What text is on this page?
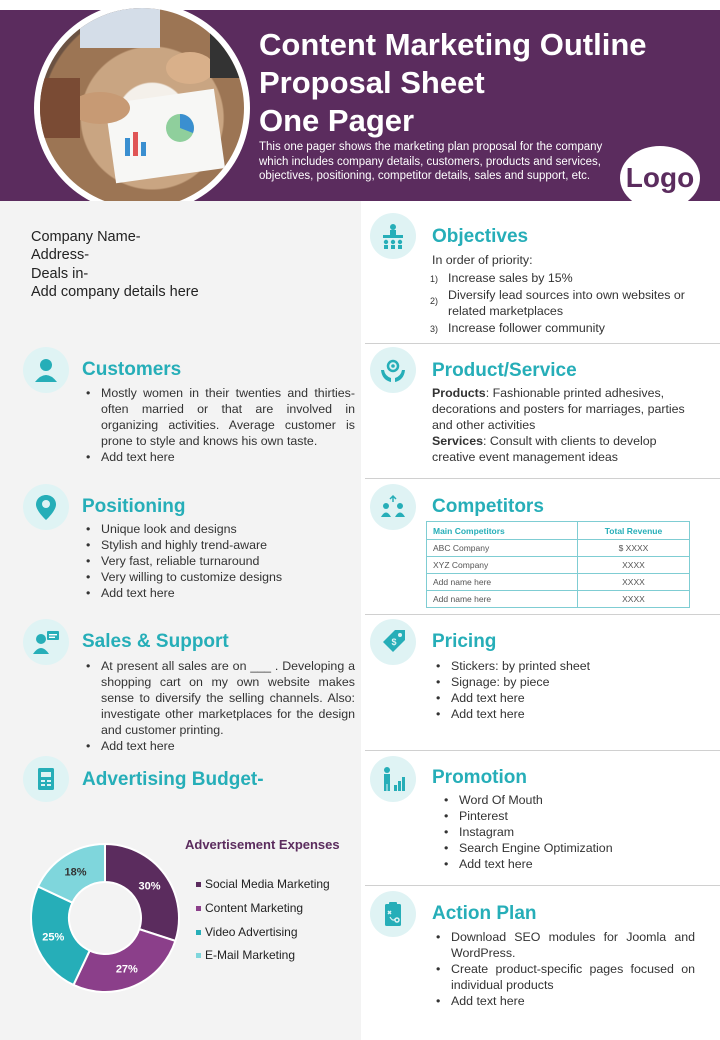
Content Marketing Outline
Proposal Sheet
One Pager
This one pager shows the marketing plan proposal for the company which includes company details, customers, products and services, objectives, positioning, competitor details, sales and support, etc.	Logo
Company Name-
Address-
Deals in-
Add company details here
Customers
• Mostly women in their twenties and thirties-often married or that are involved in organizing activities. Average customer is prone to style and knows his own taste.
• Add text here
Positioning
• Unique look and designs
• Stylish and highly trend-aware
• Very fast, reliable turnaround
• Very willing to customize designs
• Add text here
Sales & Support
• At present all sales are on ___ . Developing a shopping cart on my own website makes sense to diversify the selling channels. Also: investigate other marketplaces for the design and customer printing.
• Add text here
Advertising Budget-
Advertisement Expenses
30%
27%
25%
18%
Social Media Marketing
Content Marketing
Video Advertising
E-Mail Marketing
Objectives
In order of priority:
1) Increase sales by 15%
2) Diversify lead sources into own websites or related marketplaces
3) Increase follower community
Product/Service
Products: Fashionable printed adhesives, decorations and posters for marriages, parties and other activities
Services: Consult with clients to develop creative event management ideas
Competitors
Main Competitors	Total Revenue
ABC Company	$ XXXX
XYZ Company	XXXX
Add name here	XXXX
Add name here	XXXX
$ Pricing
• Stickers: by printed sheet
• Signage: by piece
• Add text here
• Add text here
Promotion
• Word Of Mouth
• Pinterest
• Instagram
• Search Engine Optimization
• Add text here
Action Plan
• Download SEO modules for Joomla and WordPress.
• Create product-specific pages focused on individual products
• Add text here
